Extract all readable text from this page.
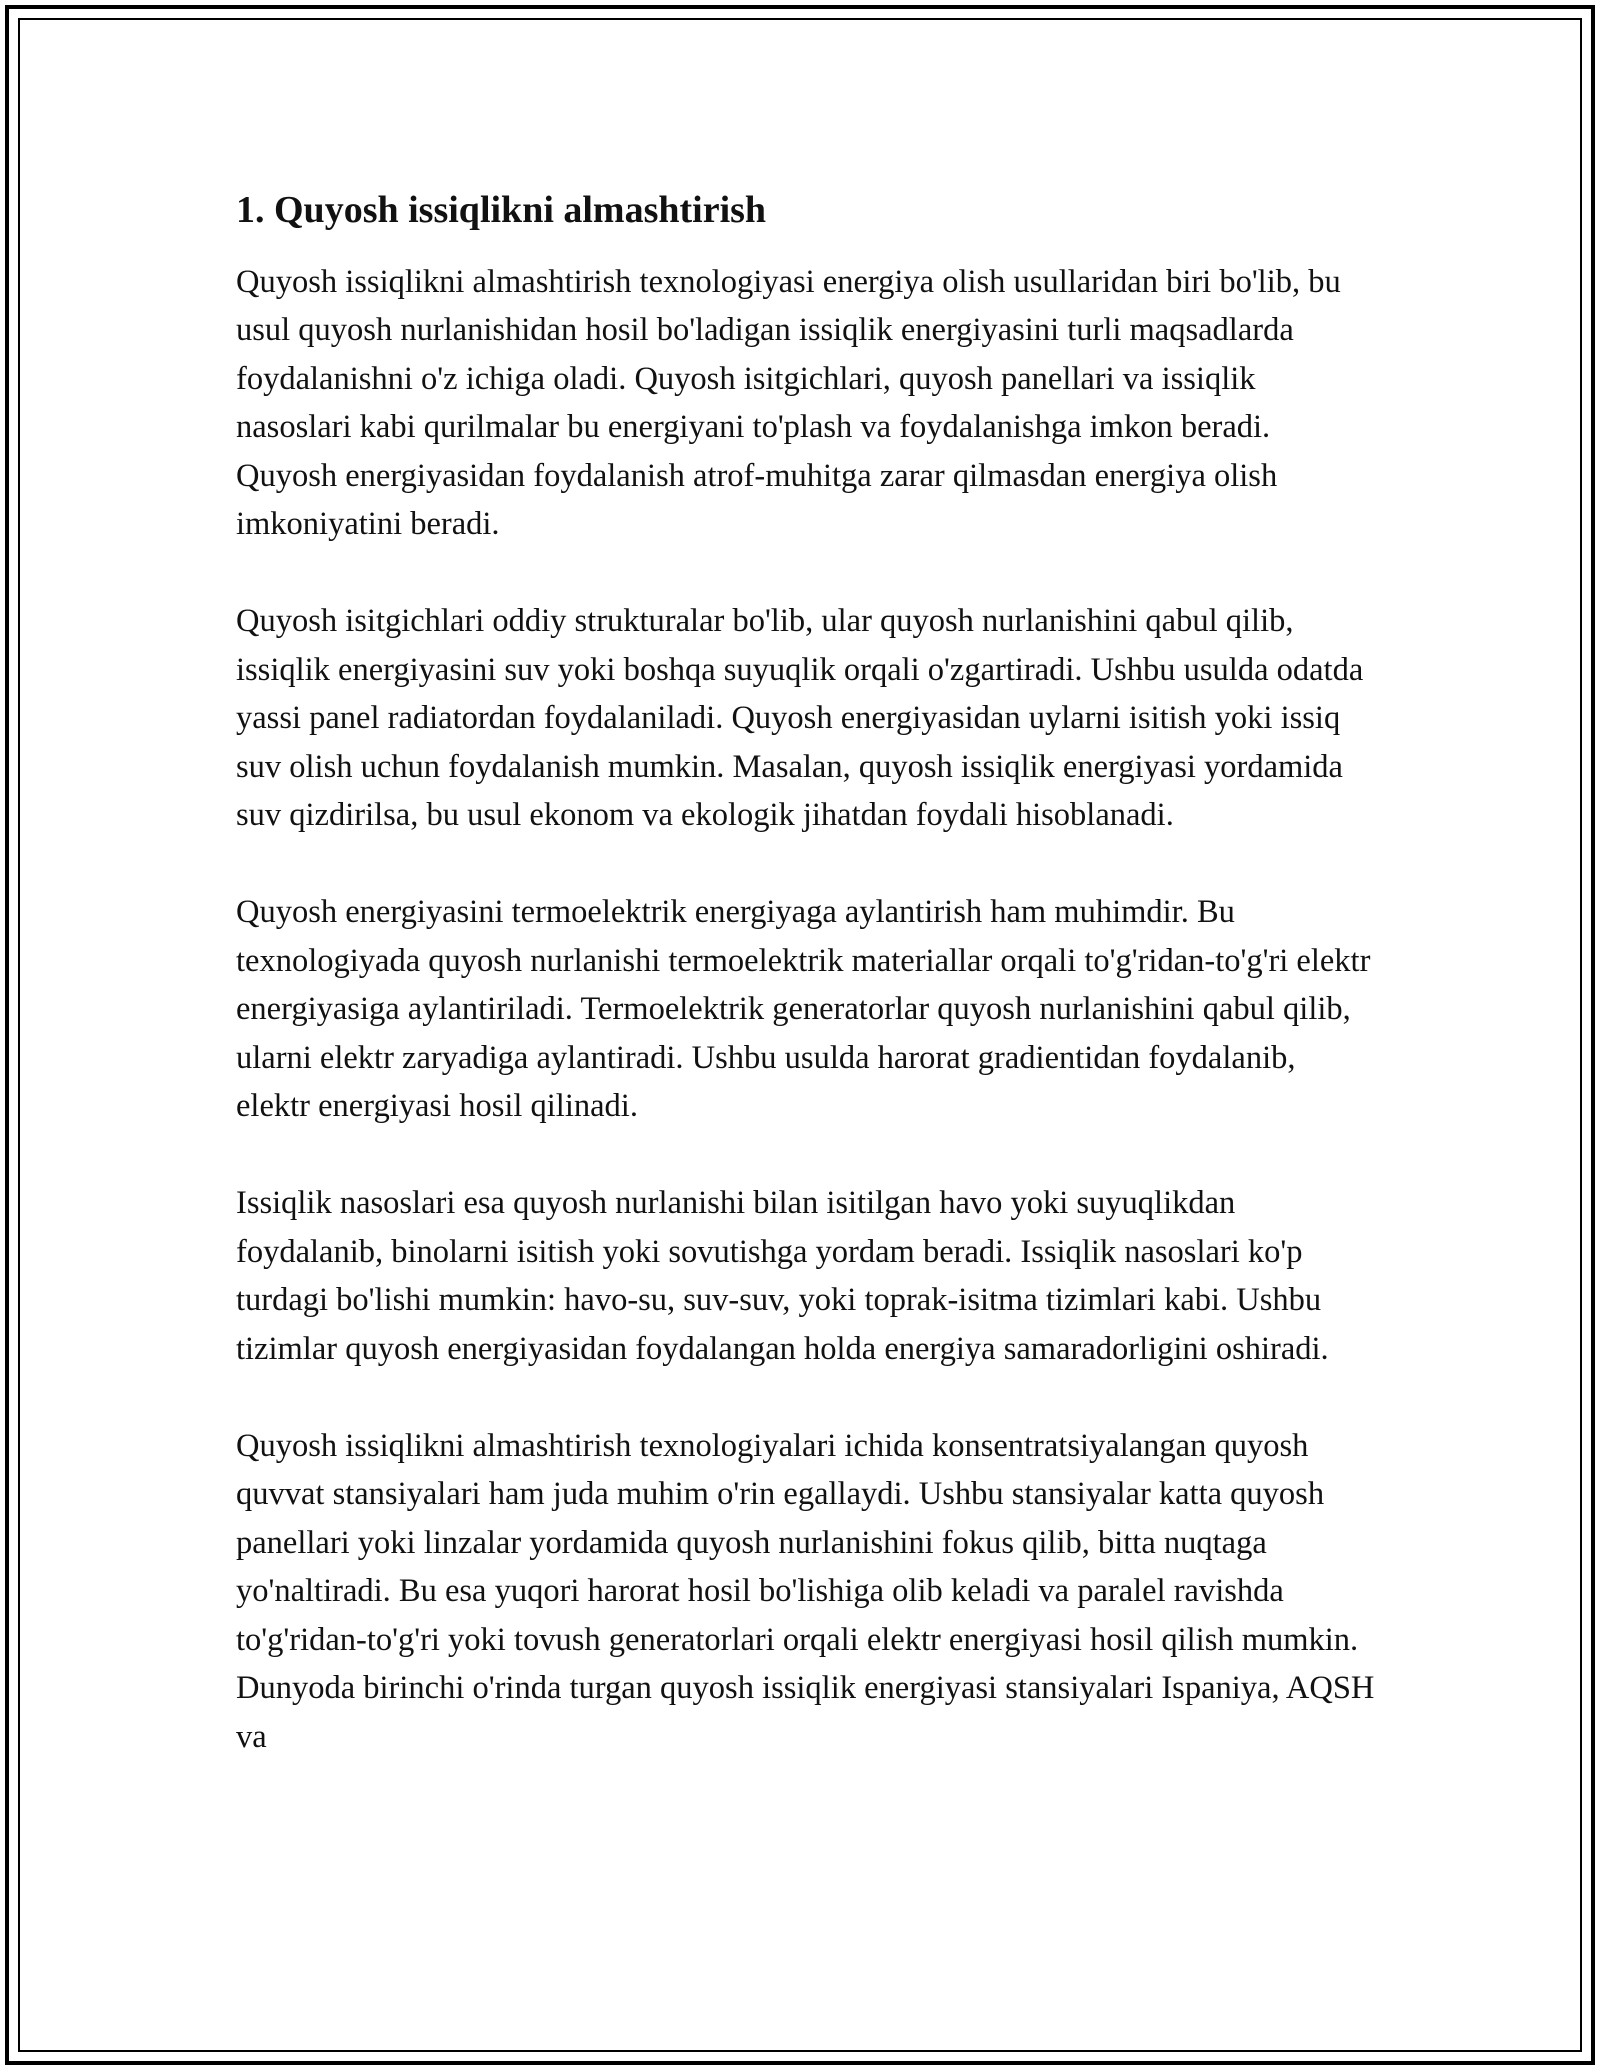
1. Quyosh issiqlikni almashtirish

Quyosh issiqlikni almashtirish texnologiyasi energiya olish usullaridan biri bo'lib, bu usul quyosh nurlanishidan hosil bo'ladigan issiqlik energiyasini turli maqsadlarda foydalanishni o'z ichiga oladi. Quyosh isitgichlari, quyosh panellari va issiqlik nasoslari kabi qurilmalar bu energiyani to'plash va foydalanishga imkon beradi. Quyosh energiyasidan foydalanish atrof-muhitga zarar qilmasdan energiya olish imkoniyatini beradi.

Quyosh isitgichlari oddiy strukturalar bo'lib, ular quyosh nurlanishini qabul qilib, issiqlik energiyasini suv yoki boshqa suyuqlik orqali o'zgartiradi. Ushbu usulda odatda yassi panel radiatordan foydalaniladi. Quyosh energiyasidan uylarni isitish yoki issiq suv olish uchun foydalanish mumkin. Masalan, quyosh issiqlik energiyasi yordamida suv qizdirilsa, bu usul ekonom va ekologik jihatdan foydali hisoblanadi.

Quyosh energiyasini termoelektrik energiyaga aylantirish ham muhimdir. Bu texnologiyada quyosh nurlanishi termoelektrik materiallar orqali to'g'ridan-to'g'ri elektr energiyasiga aylantiriladi. Termoelektrik generatorlar quyosh nurlanishini qabul qilib, ularni elektr zaryadiga aylantiradi. Ushbu usulda harorat gradientidan foydalanib, elektr energiyasi hosil qilinadi.

Issiqlik nasoslari esa quyosh nurlanishi bilan isitilgan havo yoki suyuqlikdan foydalanib, binolarni isitish yoki sovutishga yordam beradi. Issiqlik nasoslari ko'p turdagi bo'lishi mumkin: havo-su, suv-suv, yoki toprak-isitma tizimlari kabi. Ushbu tizimlar quyosh energiyasidan foydalangan holda energiya samaradorligini oshiradi.

Quyosh issiqlikni almashtirish texnologiyalari ichida konsentratsiyalangan quyosh quvvat stansiyalari ham juda muhim o'rin egallaydi. Ushbu stansiyalar katta quyosh panellari yoki linzalar yordamida quyosh nurlanishini fokus qilib, bitta nuqtaga yo'naltiradi. Bu esa yuqori harorat hosil bo'lishiga olib keladi va paralel ravishda to'g'ridan-to'g'ri yoki tovush generatorlari orqali elektr energiyasi hosil qilish mumkin. Dunyoda birinchi o'rinda turgan quyosh issiqlik energiyasi stansiyalari Ispaniya, AQSH va
